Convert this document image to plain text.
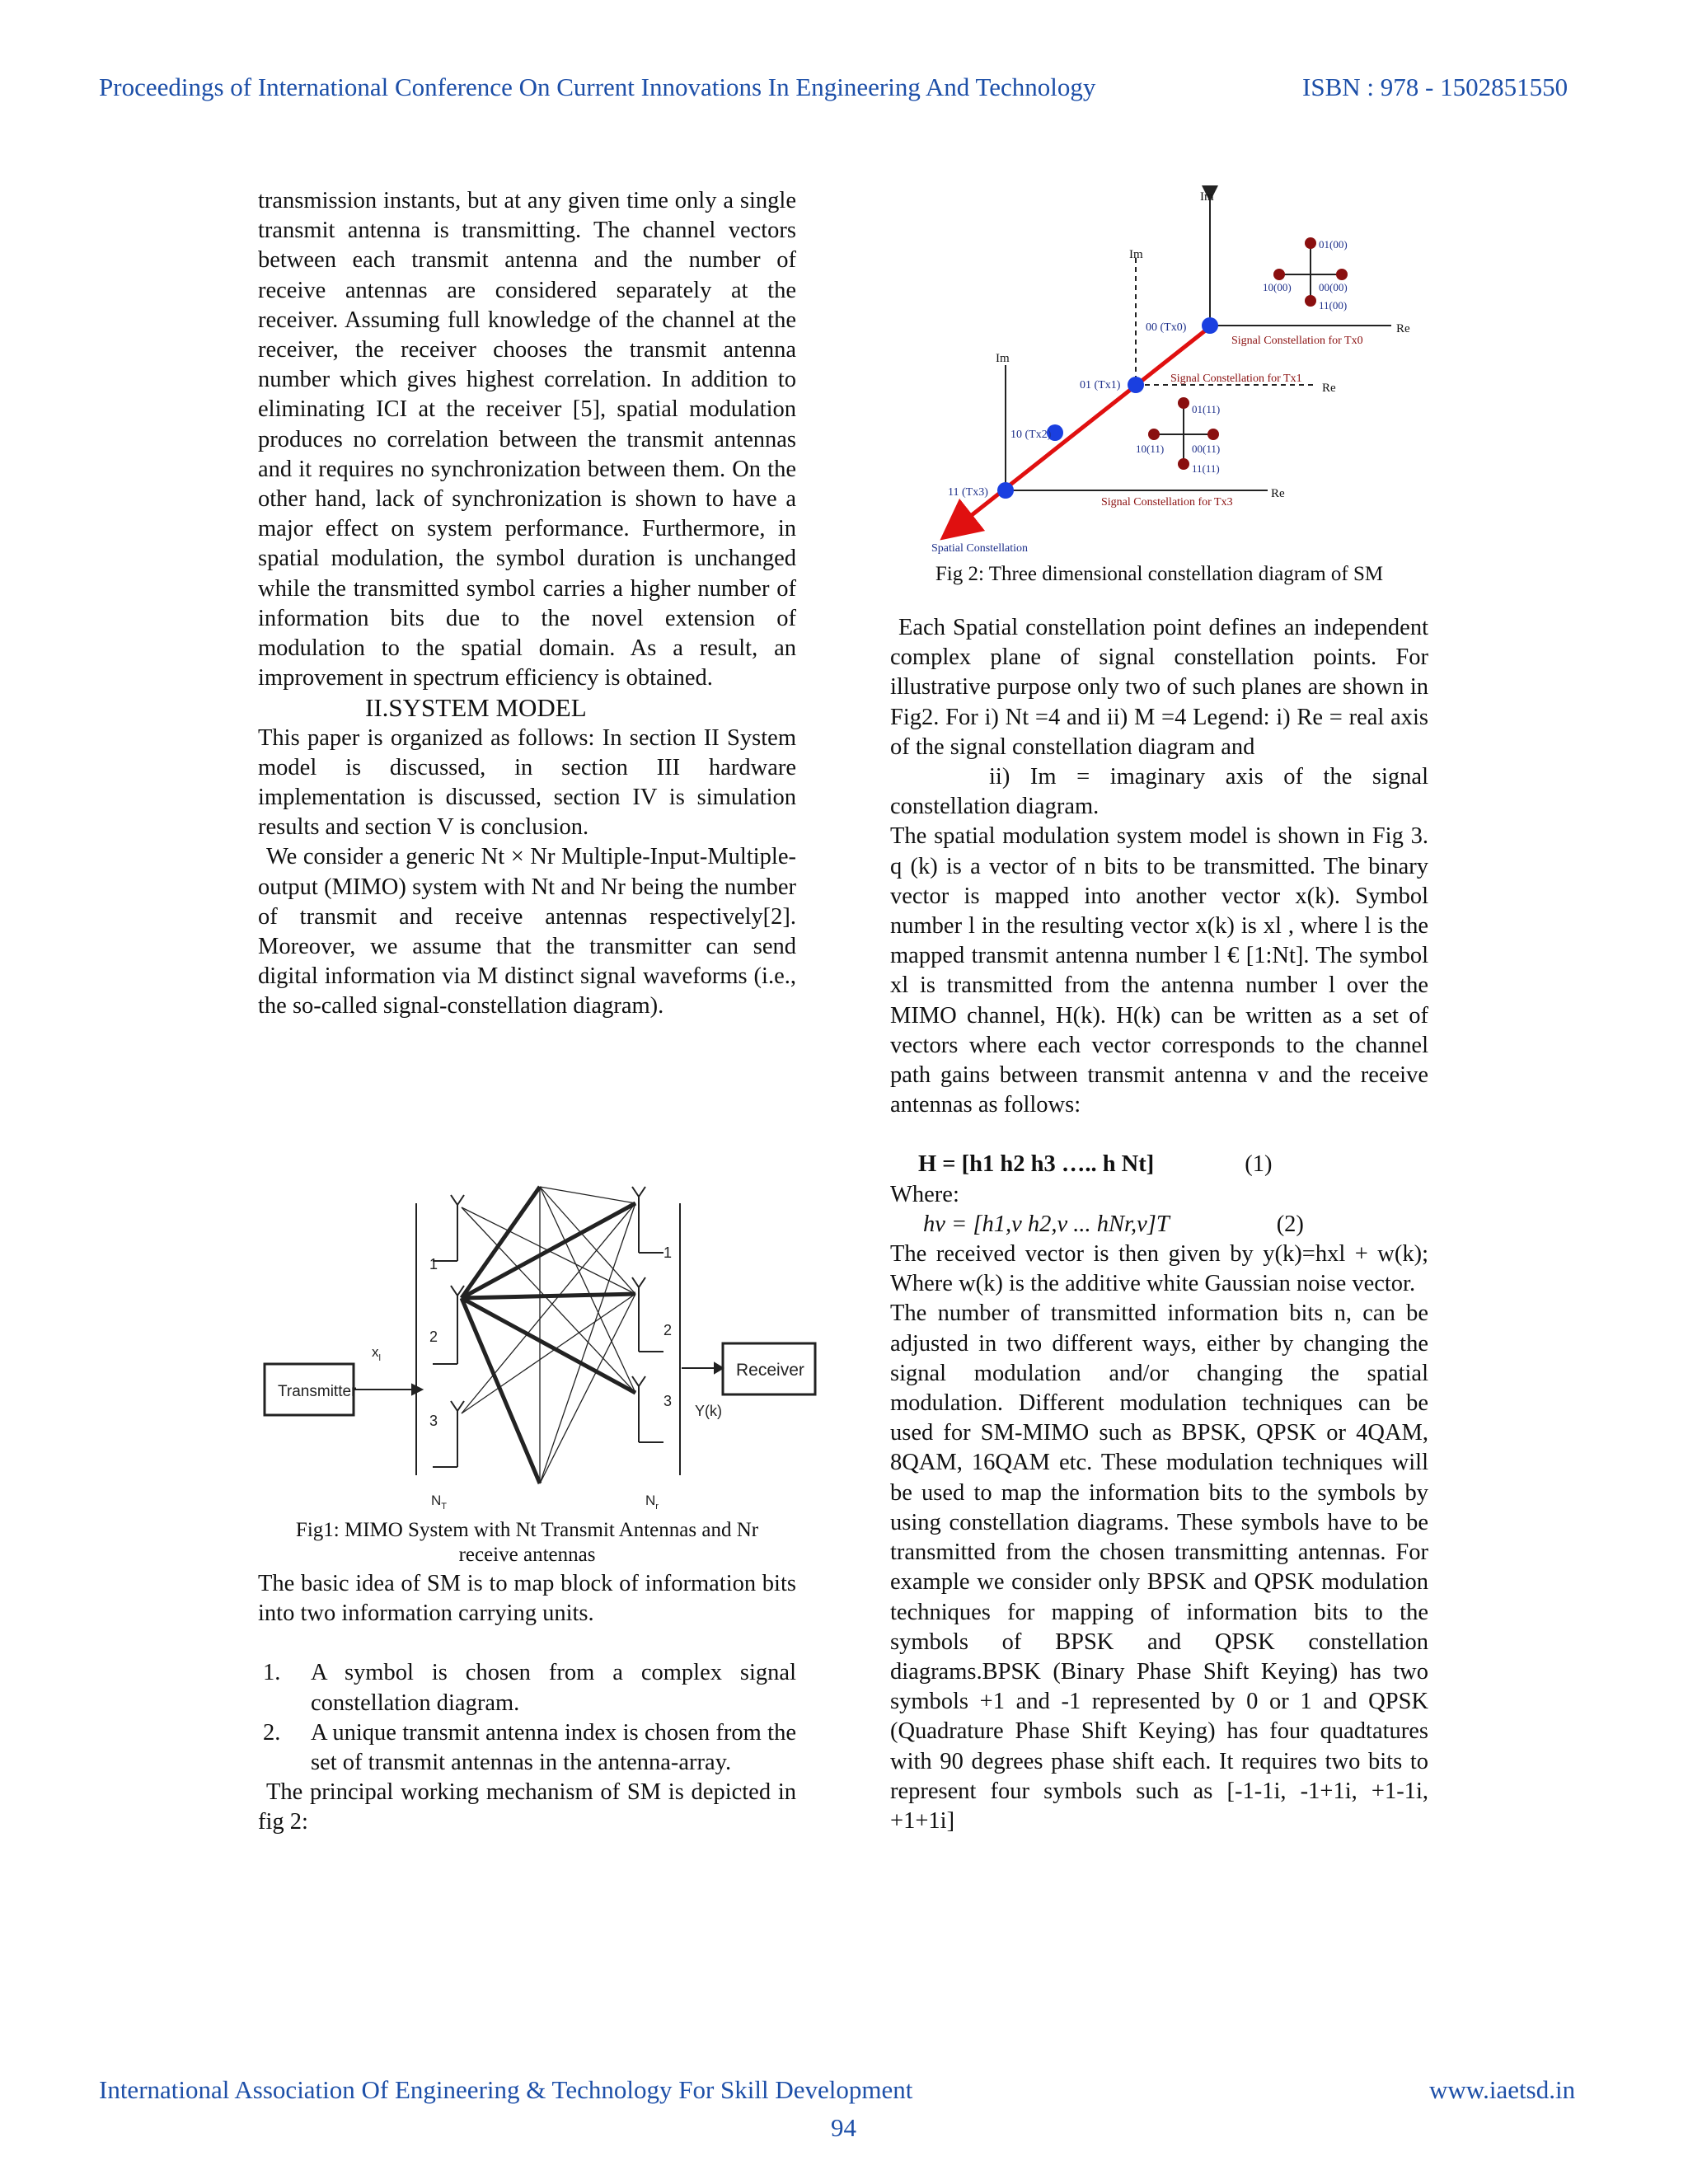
Proceedings of International Conference On Current Innovations In Engineering And Technology	ISBN : 978 - 1502851550

transmission instants, but at any given time only a single transmit antenna is transmitting. The channel vectors between each transmit antenna and the number of receive antennas are considered separately at the receiver. Assuming full knowledge of the channel at the receiver, the receiver chooses the transmit antenna number which gives highest correlation. In addition to eliminating ICI at the receiver [5], spatial modulation produces no correlation between the transmit antennas and it requires no synchronization between them. On the other hand, lack of synchronization is shown to have a major effect on system performance. Furthermore, in spatial modulation, the symbol duration is unchanged while the transmitted symbol carries a higher number of information bits due to the novel extension of modulation to the spatial domain. As a result, an improvement in spectrum efficiency is obtained.

II.SYSTEM MODEL

This paper is organized as follows: In section II System model is discussed, in section III hardware implementation is discussed, section IV is simulation results and section V is conclusion.

We consider a generic Nt × Nr Multiple-Input-Multiple-output (MIMO) system with Nt and Nr being the number of transmit and receive antennas respectively[2]. Moreover, we assume that the transmitter can send digital information via M distinct signal waveforms (i.e., the so-called signal-constellation diagram).

Transmitter
Receiver
$x_l$
Y(k)
1
2
3
1
2
3
$N_T$	$N_r$
Fig1: MIMO System with Nt Transmit Antennas and Nr
receive antennas

The basic idea of SM is to map block of information bits into two information carrying units.

1. A symbol is chosen from a complex signal constellation diagram.
2. A unique transmit antenna index is chosen from the set of transmit antennas in the antenna-array.

The principal working mechanism of SM is depicted in fig 2:

Im
Re
Im
Re
Im
Re
00 (Tx0)
01 (Tx1)
10 (Tx2)
11 (Tx3)
Signal Constellation for Tx0
Signal Constellation for Tx1
Signal Constellation for Tx3
Spatial Constellation
01(00)
10(00)	00(00)
11(00)
01(11)
10(11)	00(11)
11(11)
Fig 2: Three dimensional constellation diagram of SM

Each Spatial constellation point defines an independent complex plane of signal constellation points. For illustrative purpose only two of such planes are shown in Fig2. For i) Nt =4 and ii) M =4 Legend: i) Re = real axis of the signal constellation diagram and

ii) Im = imaginary axis of the signal constellation diagram.

The spatial modulation system model is shown in Fig 3. q (k) is a vector of n bits to be transmitted. The binary vector is mapped into another vector x(k). Symbol number l in the resulting vector x(k) is xl , where l is the mapped transmit antenna number l € [1:Nt]. The symbol xl is transmitted from the antenna number l over the MIMO channel, H(k). H(k) can be written as a set of vectors where each vector corresponds to the channel path gains between transmit antenna v and the receive antennas as follows:

H = [h1 h2 h3 ….. h Nt]	(1)

Where:

hv = [h1,v h2,v ... hNr,v]T	(2)

The received vector is then given by y(k)=hxl + w(k); Where w(k) is the additive white Gaussian noise vector.

The number of transmitted information bits n, can be adjusted in two different ways, either by changing the signal modulation and/or changing the spatial modulation. Different modulation techniques can be used for SM-MIMO such as BPSK, QPSK or 4QAM, 8QAM, 16QAM etc. These modulation techniques will be used to map the information bits to the symbols by using constellation diagrams. These symbols have to be transmitted from the chosen transmitting antennas. For example we consider only BPSK and QPSK modulation techniques for mapping of information bits to the symbols of BPSK and QPSK constellation diagrams.BPSK (Binary Phase Shift Keying) has two symbols +1 and -1 represented by 0 or 1 and QPSK (Quadrature Phase Shift Keying) has four quadtatures with 90 degrees phase shift each. It requires two bits to represent four symbols such as [-1-1i, -1+1i, +1-1i, +1+1i]

International Association Of Engineering & Technology For Skill Development	www.iaetsd.in
94
